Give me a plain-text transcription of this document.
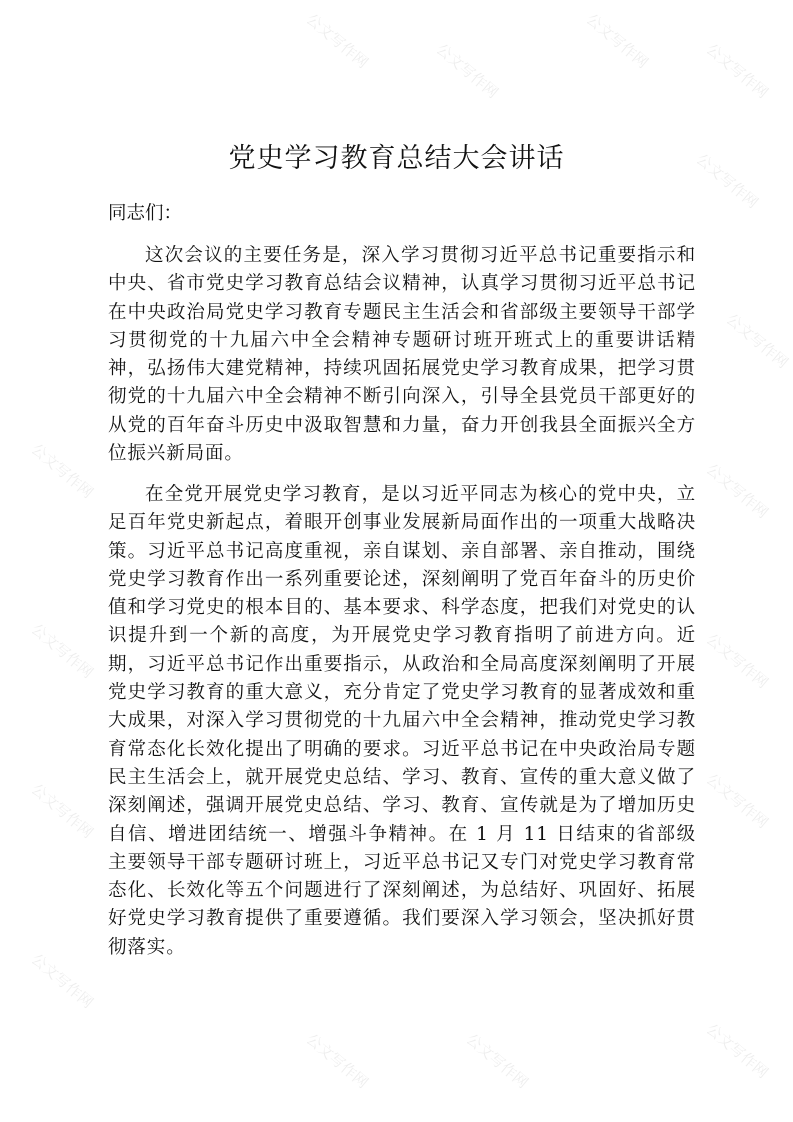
公文写作网	公文写作网	公文写作网	公文写作网
公文写作网
公文写作网
公文写作网	公文写作网
公文写作网	公文写作网
公文写作网	公文写作网
公文写作网
公文写作网	公文写作网	公文写作网
党史学习教育总结大会讲话

同志们：

这次会议的主要任务是，深入学习贯彻习近平总书记重要指示和中央、省市党史学习教育总结会议精神，认真学习贯彻习近平总书记在中央政治局党史学习教育专题民主生活会和省部级主要领导干部学习贯彻党的十九届六中全会精神专题研讨班开班式上的重要讲话精神，弘扬伟大建党精神，持续巩固拓展党史学习教育成果，把学习贯彻党的十九届六中全会精神不断引向深入，引导全县党员干部更好的从党的百年奋斗历史中汲取智慧和力量，奋力开创我县全面振兴全方位振兴新局面。

在全党开展党史学习教育，是以习近平同志为核心的党中央，立足百年党史新起点，着眼开创事业发展新局面作出的一项重大战略决策。习近平总书记高度重视，亲自谋划、亲自部署、亲自推动，围绕党史学习教育作出一系列重要论述，深刻阐明了党百年奋斗的历史价值和学习党史的根本目的、基本要求、科学态度，把我们对党史的认识提升到一个新的高度，为开展党史学习教育指明了前进方向。近期，习近平总书记作出重要指示，从政治和全局高度深刻阐明了开展党史学习教育的重大意义，充分肯定了党史学习教育的显著成效和重大成果，对深入学习贯彻党的十九届六中全会精神，推动党史学习教育常态化长效化提出了明确的要求。习近平总书记在中央政治局专题民主生活会上，就开展党史总结、学习、教育、宣传的重大意义做了深刻阐述，强调开展党史总结、学习、教育、宣传就是为了增加历史自信、增进团结统一、增强斗争精神。在 1 月 11 日结束的省部级主要领导干部专题研讨班上，习近平总书记又专门对党史学习教育常态化、长效化等五个问题进行了深刻阐述，为总结好、巩固好、拓展好党史学习教育提供了重要遵循。我们要深入学习领会，坚决抓好贯彻落实。
